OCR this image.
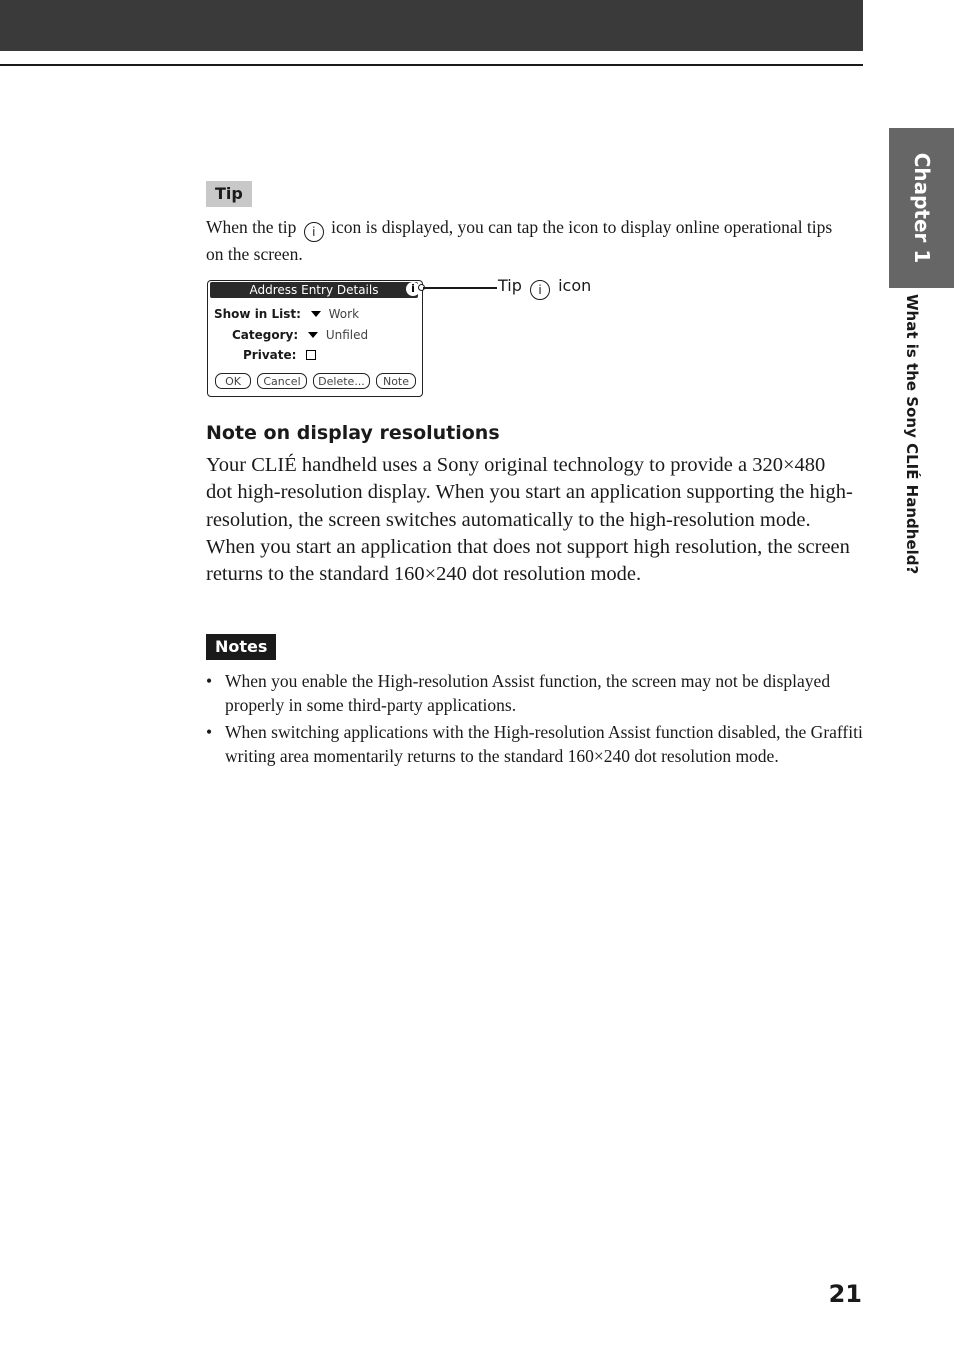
Chapter 1
What is the Sony CLIÉ Handheld?
Tip
When the tip i icon is displayed, you can tap the icon to display online operational tips on the screen.
Address Entry Details	i
Show in List: Work
Category: Unfiled
Private:
OK	Cancel	Delete...	Note
Tip i icon
Note on display resolutions
Your CLIÉ handheld uses a Sony original technology to provide a 320×480 dot high-resolution display. When you start an application supporting the high-resolution, the screen switches automatically to the high-resolution mode. When you start an application that does not support high resolution, the screen returns to the standard 160×240 dot resolution mode.
Notes
• When you enable the High-resolution Assist function, the screen may not be displayed properly in some third-party applications.
• When switching applications with the High-resolution Assist function disabled, the Graffiti writing area momentarily returns to the standard 160×240 dot resolution mode.
21
